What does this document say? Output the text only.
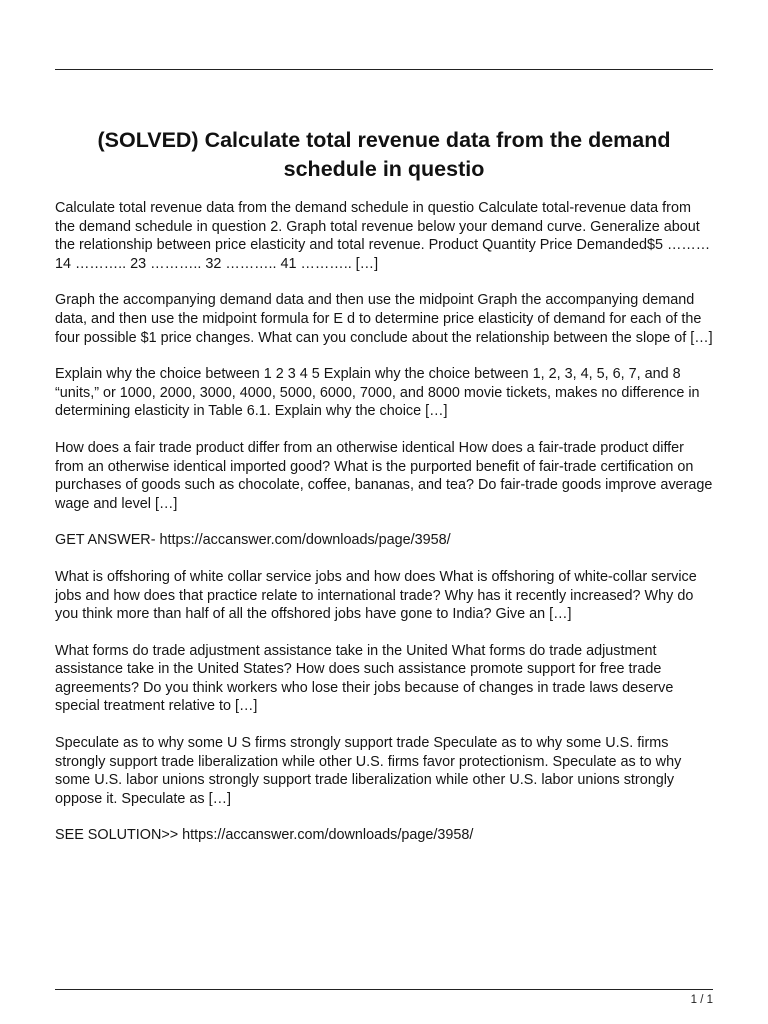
(SOLVED) Calculate total revenue data from the demand schedule in questio

Calculate total revenue data from the demand schedule in questio Calculate total-revenue data from the demand schedule in question 2. Graph total revenue below your demand curve. Generalize about the relationship between price elasticity and total revenue. Product Quantity Price Demanded$5 ……… 14 ……….. 23 ……….. 32 ……….. 41 ……….. […]

Graph the accompanying demand data and then use the midpoint Graph the accompanying demand data, and then use the midpoint formula for E d to determine price elasticity of demand for each of the four possible $1 price changes. What can you conclude about the relationship between the slope of […]

Explain why the choice between 1 2 3 4 5 Explain why the choice between 1, 2, 3, 4, 5, 6, 7, and 8 “units,” or 1000, 2000, 3000, 4000, 5000, 6000, 7000, and 8000 movie tickets, makes no difference in determining elasticity in Table 6.1. Explain why the choice […]

How does a fair trade product differ from an otherwise identical How does a fair-trade product differ from an otherwise identical imported good? What is the purported benefit of fair-trade certification on purchases of goods such as chocolate, coffee, bananas, and tea? Do fair-trade goods improve average wage and level […]

GET ANSWER- https://accanswer.com/downloads/page/3958/

What is offshoring of white collar service jobs and how does What is offshoring of white-collar service jobs and how does that practice relate to international trade? Why has it recently increased? Why do you think more than half of all the offshored jobs have gone to India? Give an […]

What forms do trade adjustment assistance take in the United What forms do trade adjustment assistance take in the United States? How does such assistance promote support for free trade agreements? Do you think workers who lose their jobs because of changes in trade laws deserve special treatment relative to […]

Speculate as to why some U S firms strongly support trade Speculate as to why some U.S. firms strongly support trade liberalization while other U.S. firms favor protectionism. Speculate as to why some U.S. labor unions strongly support trade liberalization while other U.S. labor unions strongly oppose it. Speculate as […]

SEE SOLUTION>> https://accanswer.com/downloads/page/3958/

1 / 1
